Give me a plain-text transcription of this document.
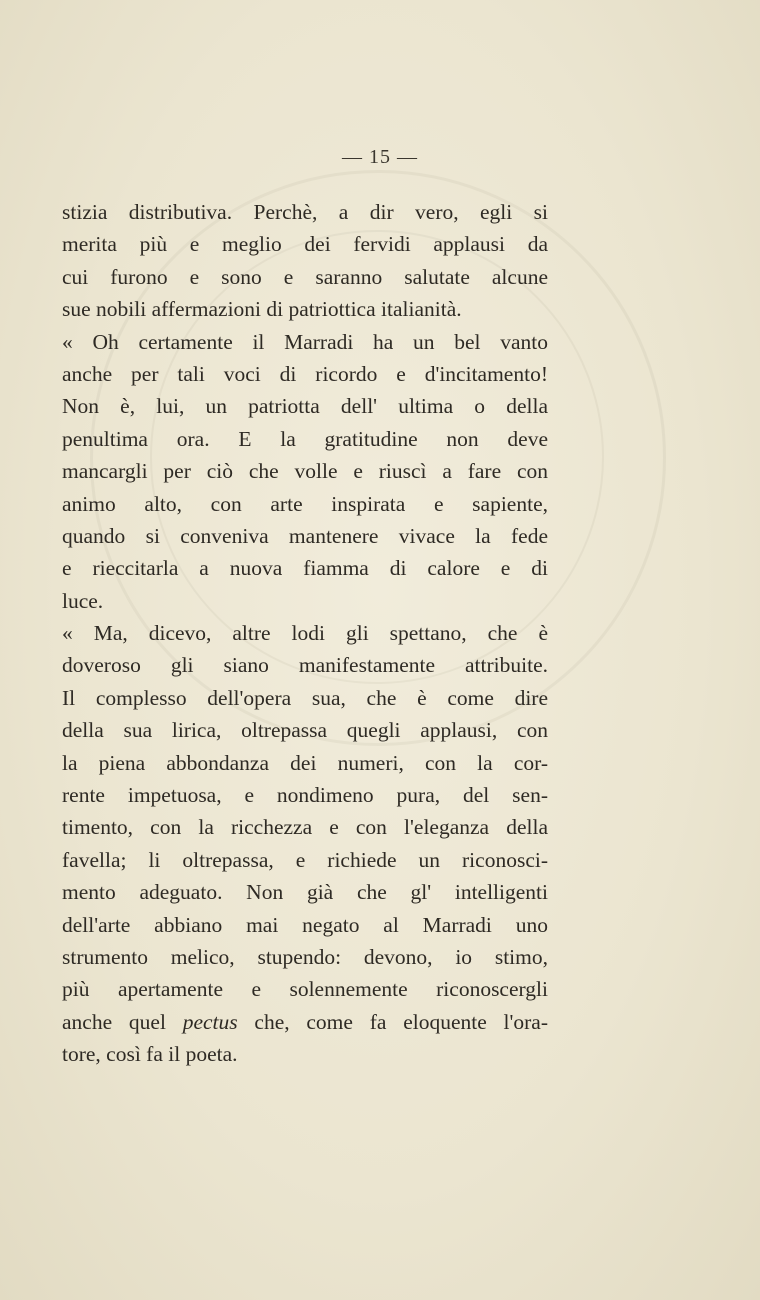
— 15 —
stizia distributiva. Perchè, a dir vero, egli si
merita più e meglio dei fervidi applausi da
cui furono e sono e saranno salutate alcune
sue nobili affermazioni di patriottica italianità.
« Oh certamente il Marradi ha un bel vanto
anche per tali voci di ricordo e d'incitamento!
Non è, lui, un patriotta dell' ultima o della
penultima ora. E la gratitudine non deve
mancargli per ciò che volle e riuscì a fare con
animo alto, con arte inspirata e sapiente,
quando si conveniva mantenere vivace la fede
e rieccitarla a nuova fiamma di calore e di
luce.
« Ma, dicevo, altre lodi gli spettano, che è
doveroso gli siano manifestamente attribuite.
Il complesso dell'opera sua, che è come dire
della sua lirica, oltrepassa quegli applausi, con
la piena abbondanza dei numeri, con la cor-
rente impetuosa, e nondimeno pura, del sen-
timento, con la ricchezza e con l'eleganza della
favella; li oltrepassa, e richiede un riconosci-
mento adeguato. Non già che gl' intelligenti
dell'arte abbiano mai negato al Marradi uno
strumento melico, stupendo: devono, io stimo,
più apertamente e solennemente riconoscergli
anche quel pectus che, come fa eloquente l'ora-
tore, così fa il poeta.
